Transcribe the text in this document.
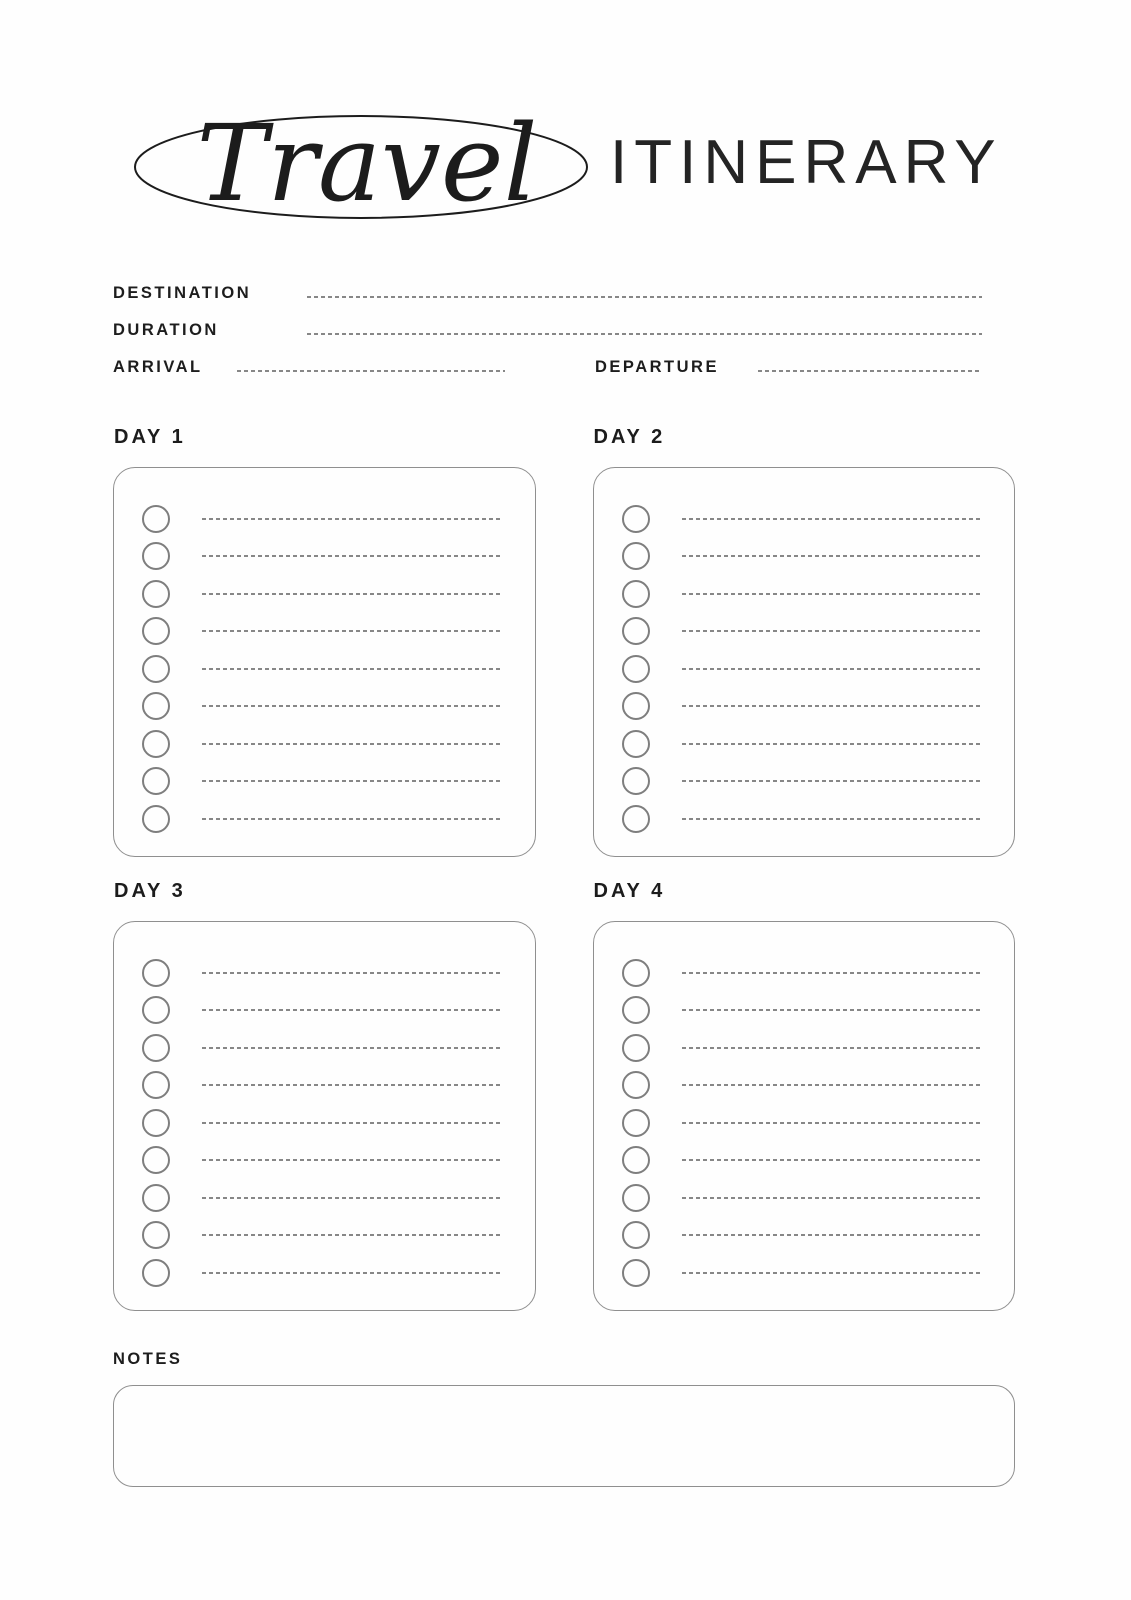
Travel ITINERARY
DESTINATION
DURATION
ARRIVAL	DEPARTURE
DAY 1	DAY 2
DAY 3	DAY 4
NOTES
